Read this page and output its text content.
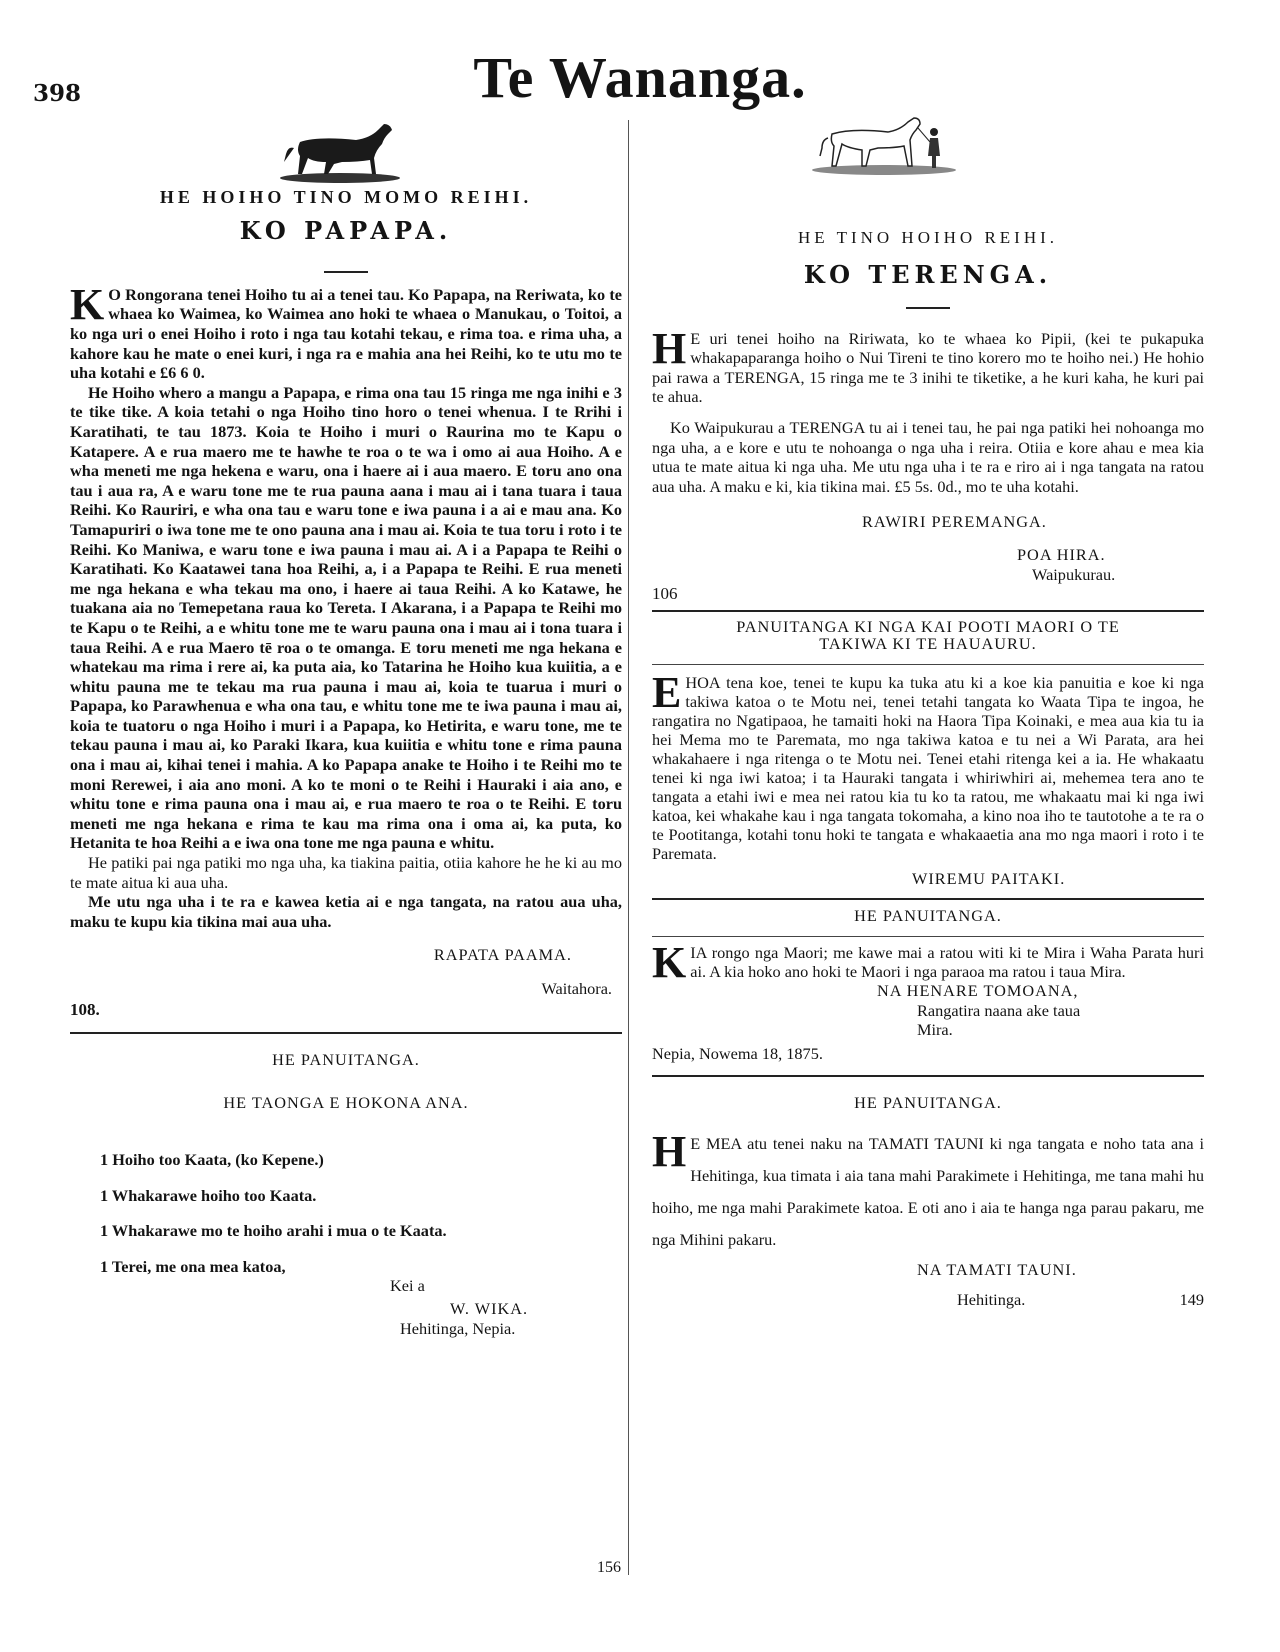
398	Te Wananga.
HE HOIHO TINO MOMO REIHI.
KO PAPAPA.

K O Rongorana tenei Hoiho tu ai a tenei tau. Ko Papapa, na Reriwata, ko te whaea ko Waimea, ko Waimea ano hoki te whaea o Manukau, o Toitoi, a ko nga uri o enei Hoiho i roto i nga tau kotahi tekau, e rima toa. e rima uha, a kahore kau he mate o enei kuri, i nga ra e mahia ana hei Reihi, ko te utu mo te uha kotahi e £6 6 0.

He Hoiho whero a mangu a Papapa, e rima ona tau 15 ringa me nga inihi e 3 te tike tike. A koia tetahi o nga Hoiho tino horo o tenei whenua. I te Rrihi i Karatihati, te tau 1873. Koia te Hoiho i muri o Raurina mo te Kapu o Katapere. A e rua maero me te hawhe te roa o te wa i omo ai aua Hoiho. A e wha meneti me nga hekena e waru, ona i haere ai i aua maero. E toru ano ona tau i aua ra, A e waru tone me te rua pauna aana i mau ai i tana tuara i taua Reihi. Ko Rauriri, e wha ona tau e waru tone e iwa pauna i a ai e mau ana. Ko Tamapuriri o iwa tone me te ono pauna ana i mau ai. Koia te tua toru i roto i te Reihi. Ko Maniwa, e waru tone e iwa pauna i mau ai. A i a Papapa te Reihi o Karatihati. Ko Kaatawei tana hoa Reihi, a, i a Papapa te Reihi. E rua meneti me nga hekana e wha tekau ma ono, i haere ai taua Reihi. A ko Katawe, he tuakana aia no Temepetana raua ko Tereta. I Akarana, i a Papapa te Reihi mo te Kapu o te Reihi, a e whitu tone me te waru pauna ona i mau ai i tona tuara i taua Reihi. A e rua Maero tē roa o te omanga. E toru meneti me nga hekana e whatekau ma rima i rere ai, ka puta aia, ko Tatarina he Hoiho kua kuiitia, a e whitu pauna me te tekau ma rua pauna i mau ai, koia te tuarua i muri o Papapa, ko Parawhenua e wha ona tau, e whitu tone me te iwa pauna i mau ai, koia te tuatoru o nga Hoiho i muri i a Papapa, ko Hetirita, e waru tone, me te tekau pauna i mau ai, ko Paraki Ikara, kua kuiitia e whitu tone e rima pauna ona i mau ai, kihai tenei i mahia. A ko Papapa anake te Hoiho i te Reihi mo te moni Rerewei, i aia ano moni. A ko te moni o te Reihi i Hauraki i aia ano, e whitu tone e rima pauna ona i mau ai, e rua maero te roa o te Reihi. E toru meneti me nga hekana e rima te kau ma rima ona i oma ai, ka puta, ko Hetanita te hoa Reihi a e iwa ona tone me nga pauna e whitu.

He patiki pai nga patiki mo nga uha, ka tiakina paitia, otiia kahore he he ki au mo te mate aitua ki aua uha.

Me utu nga uha i te ra e kawea ketia ai e nga tangata, na ratou aua uha, maku te kupu kia tikina mai aua uha.

RAPATA PAAMA.
Waitahora.
108.
HE PANUITANGA.
HE TAONGA E HOKONA ANA.
1 Hoiho too Kaata, (ko Kepene.)
1 Whakarawe hoiho too Kaata.
1 Whakarawe mo te hoiho arahi i mua o te Kaata.
1 Terei, me ona mea katoa,
Kei a
W. WIKA.
Hehitinga, Nepia.
156
HE TINO HOIHO REIHI.
KO TERENGA.

H E uri tenei hoiho na Ririwata, ko te whaea ko Pipii, (kei te pukapuka whakapaparanga hoiho o Nui Tireni te tino korero mo te hoiho nei.) He hohio pai rawa a TERENGA, 15 ringa me te 3 inihi te tiketike, a he kuri kaha, he kuri pai te ahua.

Ko Waipukurau a TERENGA tu ai i tenei tau, he pai nga patiki hei nohoanga mo nga uha, a e kore e utu te nohoanga o nga uha i reira. Otiia e kore ahau e mea kia utua te mate aitua ki nga uha. Me utu nga uha i te ra e riro ai i nga tangata na ratou aua uha. A maku e ki, kia tikina mai. £5 5s. 0d., mo te uha kotahi.

RAWIRI PEREMANGA.
POA HIRA.
Waipukurau.
106
PANUITANGA KI NGA KAI POOTI MAORI O TE
TAKIWA KI TE HAUAURU.

EHOA tena koe, tenei te kupu ka tuka atu ki a koe kia panuitia e koe ki nga takiwa katoa o te Motu nei, tenei tetahi tangata ko Waata Tipa te ingoa, he rangatira no Ngatipaoa, he tamaiti hoki na Haora Tipa Koinaki, e mea aua kia tu ia hei Mema mo te Paremata, mo nga takiwa katoa e tu nei a Wi Parata, ara hei whakahaere i nga ritenga o te Motu nei. Tenei etahi ritenga kei a ia. He whakaatu tenei ki nga iwi katoa; i ta Hauraki tangata i whiriwhiri ai, mehemea tera ano te tangata a etahi iwi e mea nei ratou kia tu ko ta ratou, me whakaatu mai ki nga iwi katoa, kei whakahe kau i nga tangata tokomaha, a kino noa iho te tautotohe a te ra o te Pootitanga, kotahi tonu hoki te tangata e whakaaetia ana mo nga maori i roto i te Paremata.

WIREMU PAITAKI.
HE PANUITANGA.

KIA rongo nga Maori; me kawe mai a ratou witi ki te Mira i Waha Parata huri ai. A kia hoko ano hoki te Maori i nga paraoa ma ratou i taua Mira.

NA HENARE TOMOANA,
Rangatira naana ake taua
Mira.
Nepia, Nowema 18, 1875.
HE PANUITANGA.

H E MEA atu tenei naku na TAMATI TAUNI ki nga tangata e noho tata ana i Hehitinga, kua timata i aia tana mahi Parakimete i Hehitinga, me tana mahi hu hoiho, me nga mahi Parakimete katoa. E oti ano i aia te hanga nga parau pakaru, me nga Mihini pakaru.

NA TAMATI TAUNI.
Hehitinga.	149
